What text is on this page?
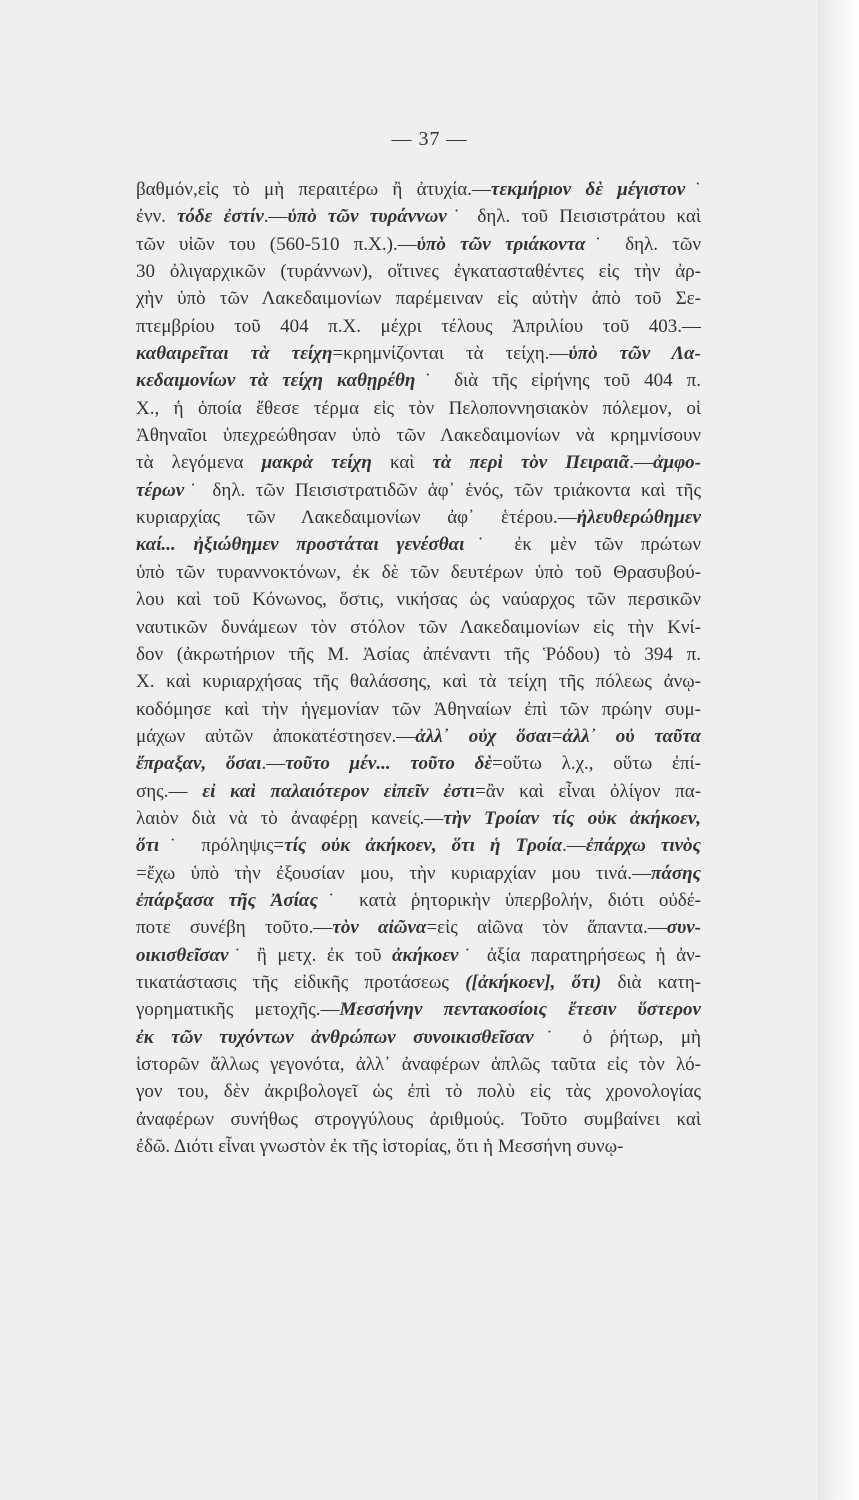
— 37 —
βαθμόν,εἰς τὸ μὴ περαιτέρω ἢ ἀτυχία.—τεκμήριον δὲ μέγιστον˙
ἐνν. τόδε ἐστίν.—ὑπὸ τῶν τυράννων˙ δηλ. τοῦ Πεισιστράτου καὶ
τῶν υἱῶν του (560-510 π.Χ.).—ὑπὸ τῶν τριάκοντα˙ δηλ. τῶν
30 ὀλιγαρχικῶν (τυράννων), οἵτινες ἐγκατασταθέντες εἰς τὴν ἀρ-
χὴν ὑπὸ τῶν Λακεδαιμονίων παρέμειναν εἰς αὐτὴν ἀπὸ τοῦ Σε-
πτεμβρίου τοῦ 404 π.Χ. μέχρι τέλους Ἀπριλίου τοῦ 403.—
καθαιρεῖται τὰ τείχη=κρημνίζονται τὰ τείχη.—ὑπὸ τῶν Λα-
κεδαιμονίων τὰ τείχη καθῃρέθη˙ διὰ τῆς εἰρήνης τοῦ 404 π.
Χ., ἡ ὁποία ἔθεσε τέρμα εἰς τὸν Πελοποννησιακὸν πόλεμον, οἱ
Ἀθηναῖοι ὑπεχρεώθησαν ὑπὸ τῶν Λακεδαιμονίων νὰ κρημνίσουν
τὰ λεγόμενα μακρὰ τείχη καὶ τὰ περὶ τὸν Πειραιᾶ.—ἀμφο-
τέρων˙ δηλ. τῶν Πεισιστρατιδῶν ἀφ᾽ ἑνός, τῶν τριάκοντα καὶ τῆς
κυριαρχίας τῶν Λακεδαιμονίων ἀφ᾽ ἑτέρου.—ἠλευθερώθημεν
καί... ἠξιώθημεν προστάται γενέσθαι˙ ἐκ μὲν τῶν πρώτων
ὑπὸ τῶν τυραννοκτόνων, ἐκ δὲ τῶν δευτέρων ὑπὸ τοῦ Θρασυβού-
λου καὶ τοῦ Κόνωνος, ὅστις, νικήσας ὡς ναύαρχος τῶν περσικῶν
ναυτικῶν δυνάμεων τὸν στόλον τῶν Λακεδαιμονίων εἰς τὴν Κνί-
δον (ἀκρωτήριον τῆς Μ. Ἀσίας ἀπέναντι τῆς Ῥόδου) τὸ 394 π.
Χ. καὶ κυριαρχήσας τῆς θαλάσσης, καὶ τὰ τείχη τῆς πόλεως ἀνῳ-
κοδόμησε καὶ τὴν ἡγεμονίαν τῶν Ἀθηναίων ἐπὶ τῶν πρώην συμ-
μάχων αὐτῶν ἀποκατέστησεν.—ἀλλ᾽ οὐχ ὅσαι=ἀλλ᾽ οὐ ταῦτα
ἔπραξαν, ὅσαι.—τοῦτο μέν... τοῦτο δὲ=οὕτω λ.χ., οὕτω ἐπί-
σης.— εἰ καὶ παλαιότερον εἰπεῖν ἐστι=ἂν καὶ εἶναι ὀλίγον πα-
λαιὸν διὰ νὰ τὸ ἀναφέρῃ κανείς.—τὴν Τροίαν τίς οὐκ ἀκήκοεν,
ὅτι˙ πρόληψις=τίς οὐκ ἀκήκοεν, ὅτι ἡ Τροία.—ἐπάρχω τινὸς
=ἔχω ὑπὸ τὴν ἐξουσίαν μου, τὴν κυριαρχίαν μου τινά.—πάσης
ἐπάρξασα τῆς Ἀσίας˙ κατὰ ῥητορικὴν ὑπερβολήν, διότι οὐδέ-
ποτε συνέβη τοῦτο.—τὸν αἰῶνα=εἰς αἰῶνα τὸν ἅπαντα.—συν-
οικισθεῖσαν˙ ἢ μετχ. ἐκ τοῦ ἀκήκοεν˙ ἀξία παρατηρήσεως ἡ ἀν-
τικατάστασις τῆς εἰδικῆς προτάσεως ([ἀκήκοεν], ὅτι) διὰ κατη-
γορηματικῆς μετοχῆς.—Μεσσήνην πεντακοσίοις ἔτεσιν ὕστερον
ἐκ τῶν τυχόντων ἀνθρώπων συνοικισθεῖσαν˙ ὁ ῥήτωρ, μὴ
ἱστορῶν ἄλλως γεγονότα, ἀλλ᾽ ἀναφέρων ἁπλῶς ταῦτα εἰς τὸν λό-
γον του, δὲν ἀκριβολογεῖ ὡς ἐπὶ τὸ πολὺ εἰς τὰς χρονολογίας
ἀναφέρων συνήθως στρογγύλους ἀριθμούς. Τοῦτο συμβαίνει καὶ
ἐδῶ. Διότι εἶναι γνωστὸν ἐκ τῆς ἱστορίας, ὅτι ἡ Μεσσήνη συνῳ-
